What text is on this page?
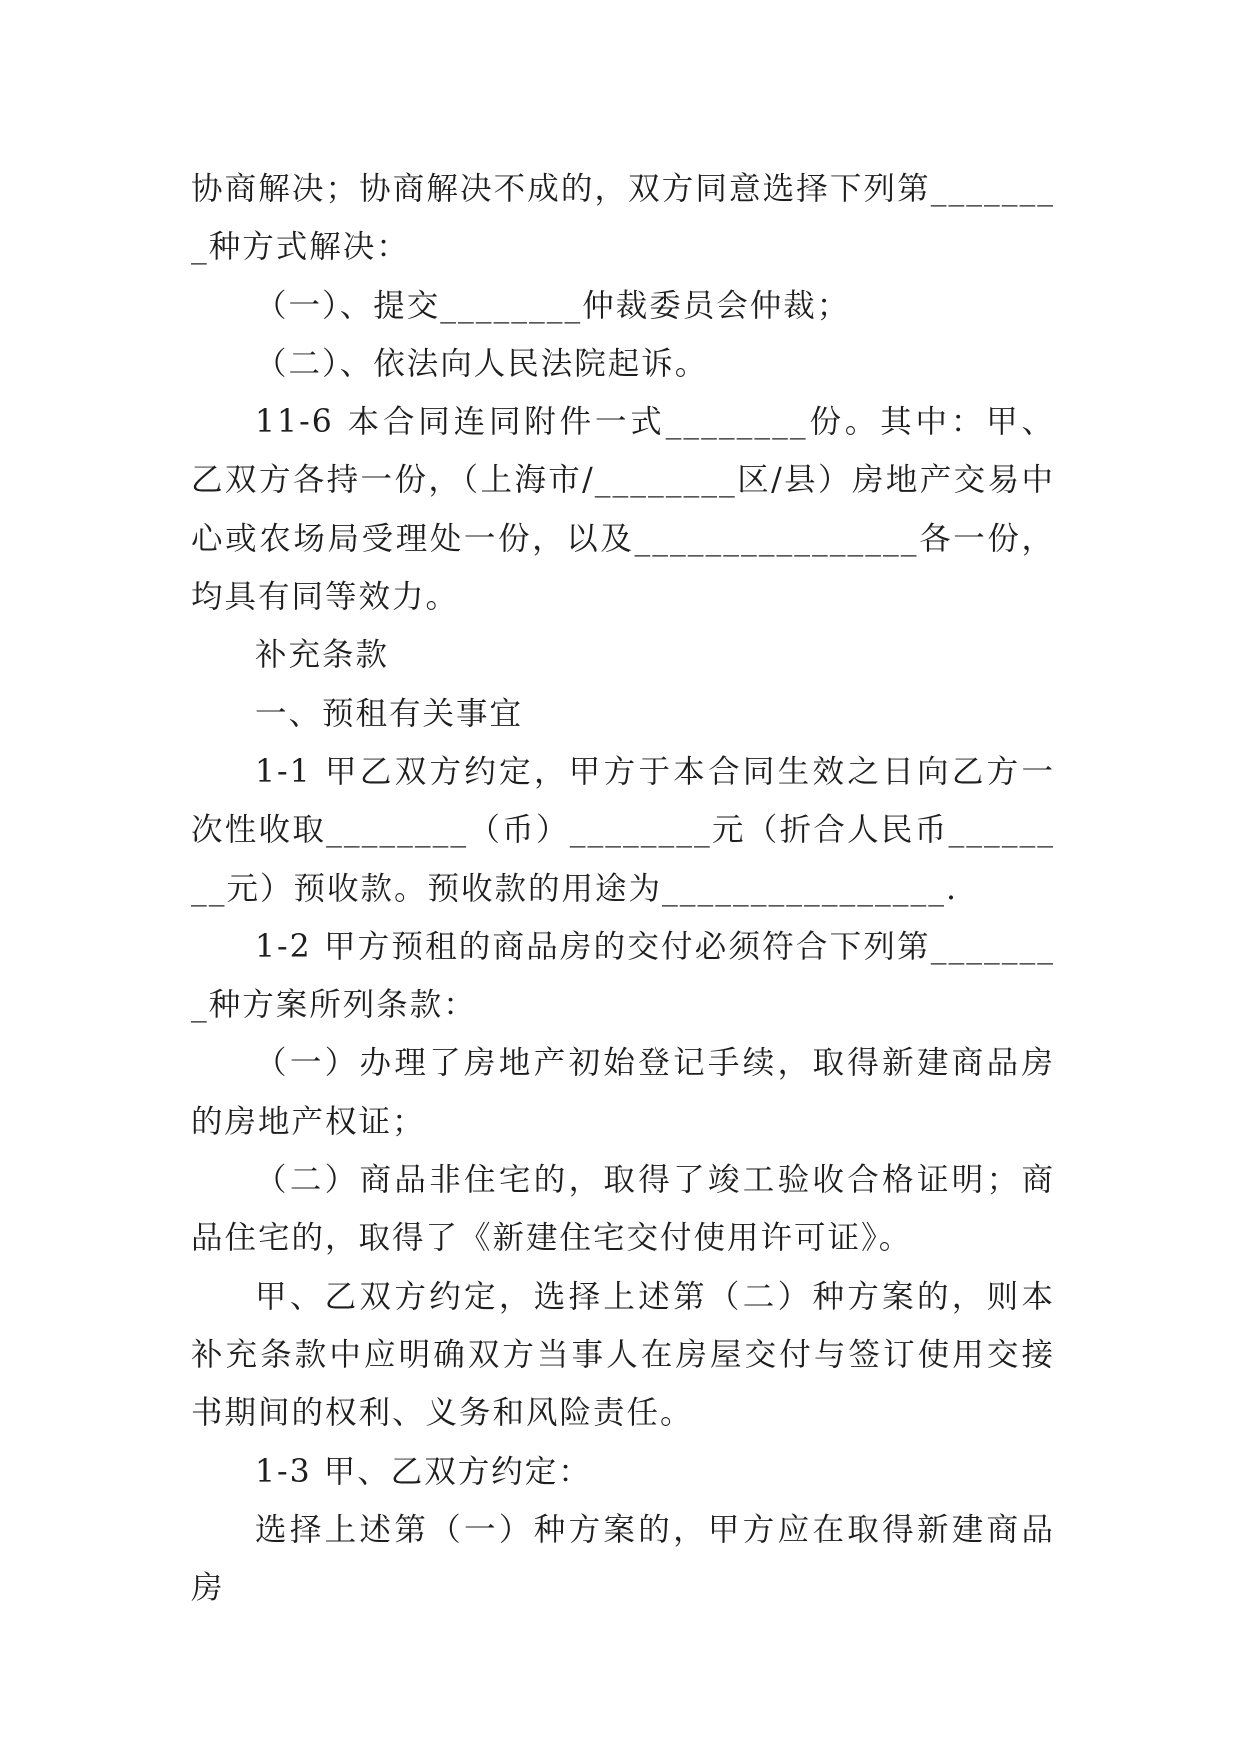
协商解决；协商解决不成的，双方同意选择下列第________种方式解决：

（一）、提交________仲裁委员会仲裁；

（二）、依法向人民法院起诉。

11-6 本合同连同附件一式________份。其中：甲、乙双方各持一份，（上海市/________区/县）房地产交易中心或农场局受理处一份，以及________________各一份，均具有同等效力。

补充条款

一、预租有关事宜

1-1 甲乙双方约定，甲方于本合同生效之日向乙方一次性收取________（币）________元（折合人民币________元）预收款。预收款的用途为________________.

1-2 甲方预租的商品房的交付必须符合下列第________种方案所列条款：

（一）办理了房地产初始登记手续，取得新建商品房的房地产权证；

（二）商品非住宅的，取得了竣工验收合格证明；商品住宅的，取得了《新建住宅交付使用许可证》。

甲、乙双方约定，选择上述第（二）种方案的，则本补充条款中应明确双方当事人在房屋交付与签订使用交接书期间的权利、义务和风险责任。

1-3 甲、乙双方约定：

选择上述第（一）种方案的，甲方应在取得新建商品房
